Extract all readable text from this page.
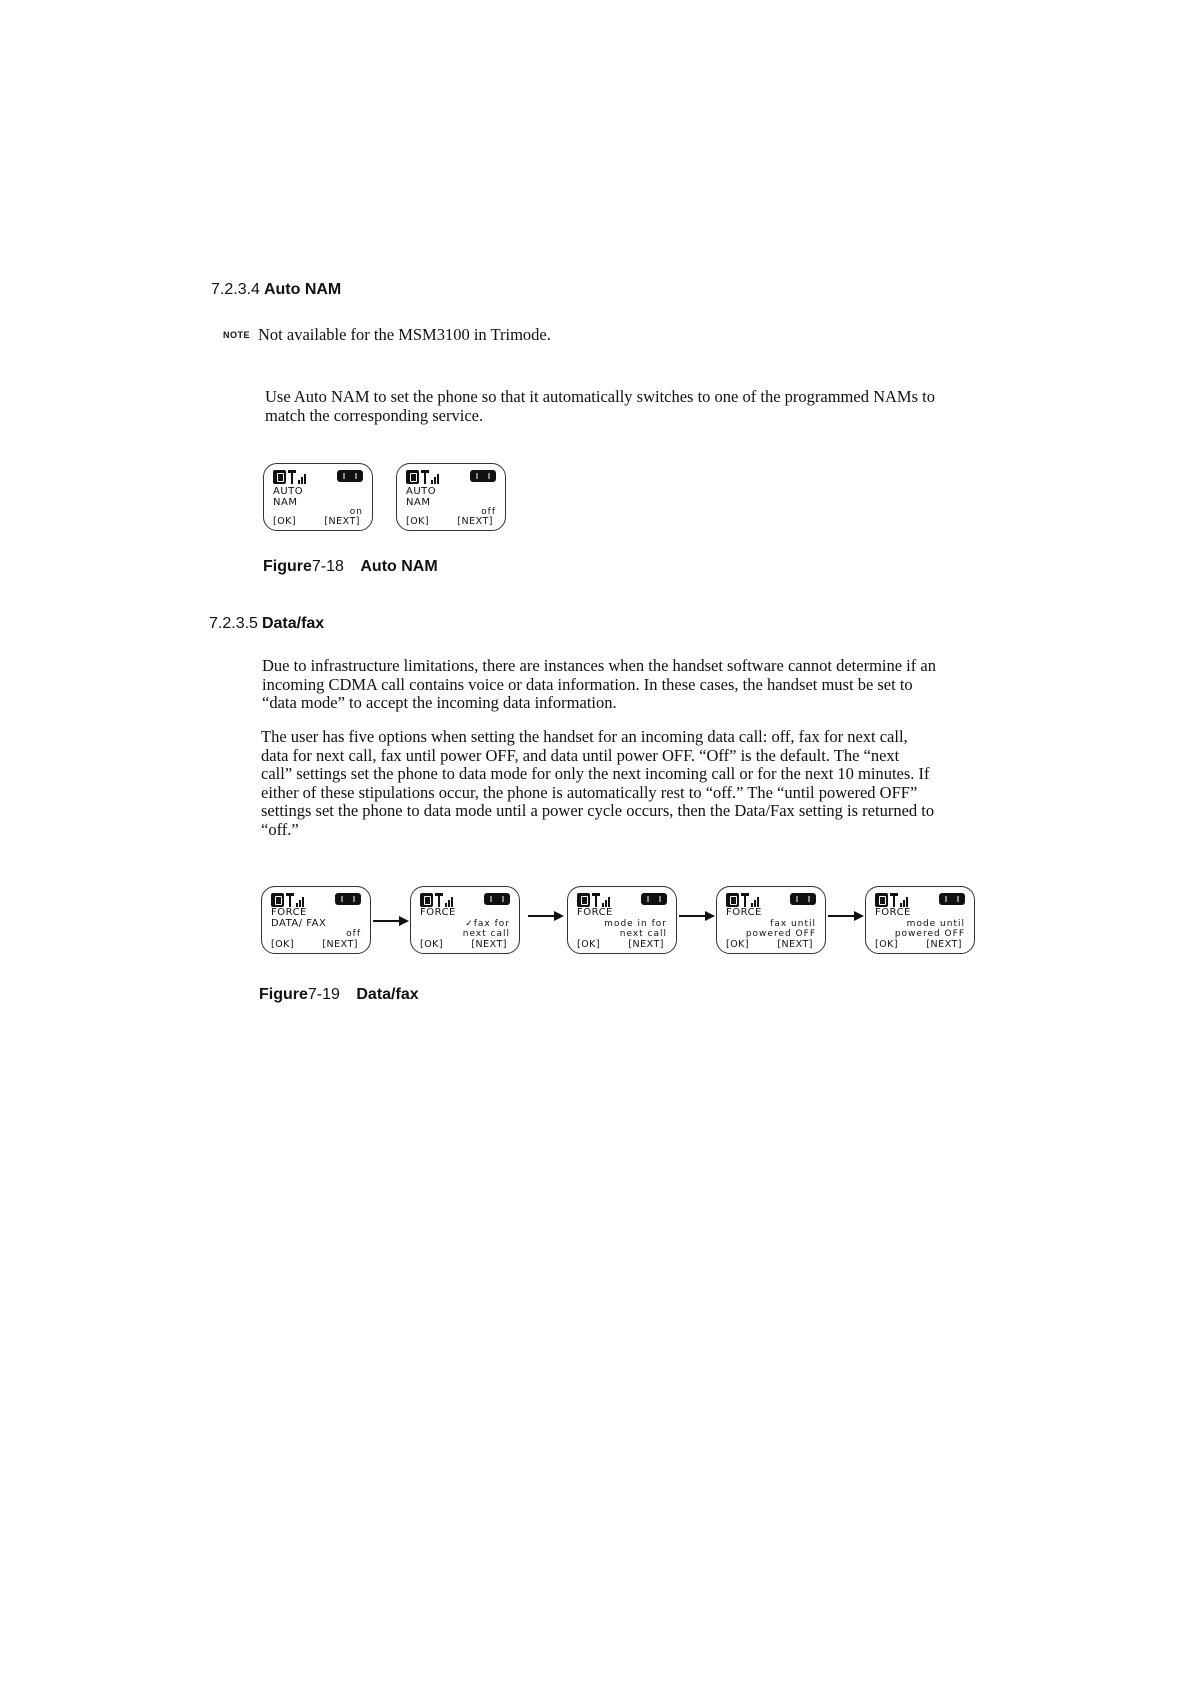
7.2.3.4 Auto NAM
NOTE Not available for the MSM3100 in Trimode.
Use Auto NAM to set the phone so that it automatically switches to one of the programmed NAMs to
match the corresponding service.
AUTO
NAM
on
[OK]	[NEXT]
AUTO
NAM
off
[OK]	[NEXT]
Figure7-18 Auto NAM
7.2.3.5 Data/fax
Due to infrastructure limitations, there are instances when the handset software cannot determine if an
incoming CDMA call contains voice or data information. In these cases, the handset must be set to
“data mode” to accept the incoming data information.
The user has five options when setting the handset for an incoming data call: off, fax for next call,
data for next call, fax until power OFF, and data until power OFF. “Off” is the default. The “next
call” settings set the phone to data mode for only the next incoming call or for the next 10 minutes. If
either of these stipulations occur, the phone is automatically rest to “off.” The “until powered OFF”
settings set the phone to data mode until a power cycle occurs, then the Data/Fax setting is returned to
“off.”
FORCE
DATA/ FAX
off
[OK]	[NEXT]
FORCE
✓fax for
next call
[OK]	[NEXT]
FORCE
mode in for
next call
[OK]	[NEXT]
FORCE
fax until
powered OFF
[OK]	[NEXT]
FORCE
mode until
powered OFF
[OK]	[NEXT]
Figure7-19 Data/fax
